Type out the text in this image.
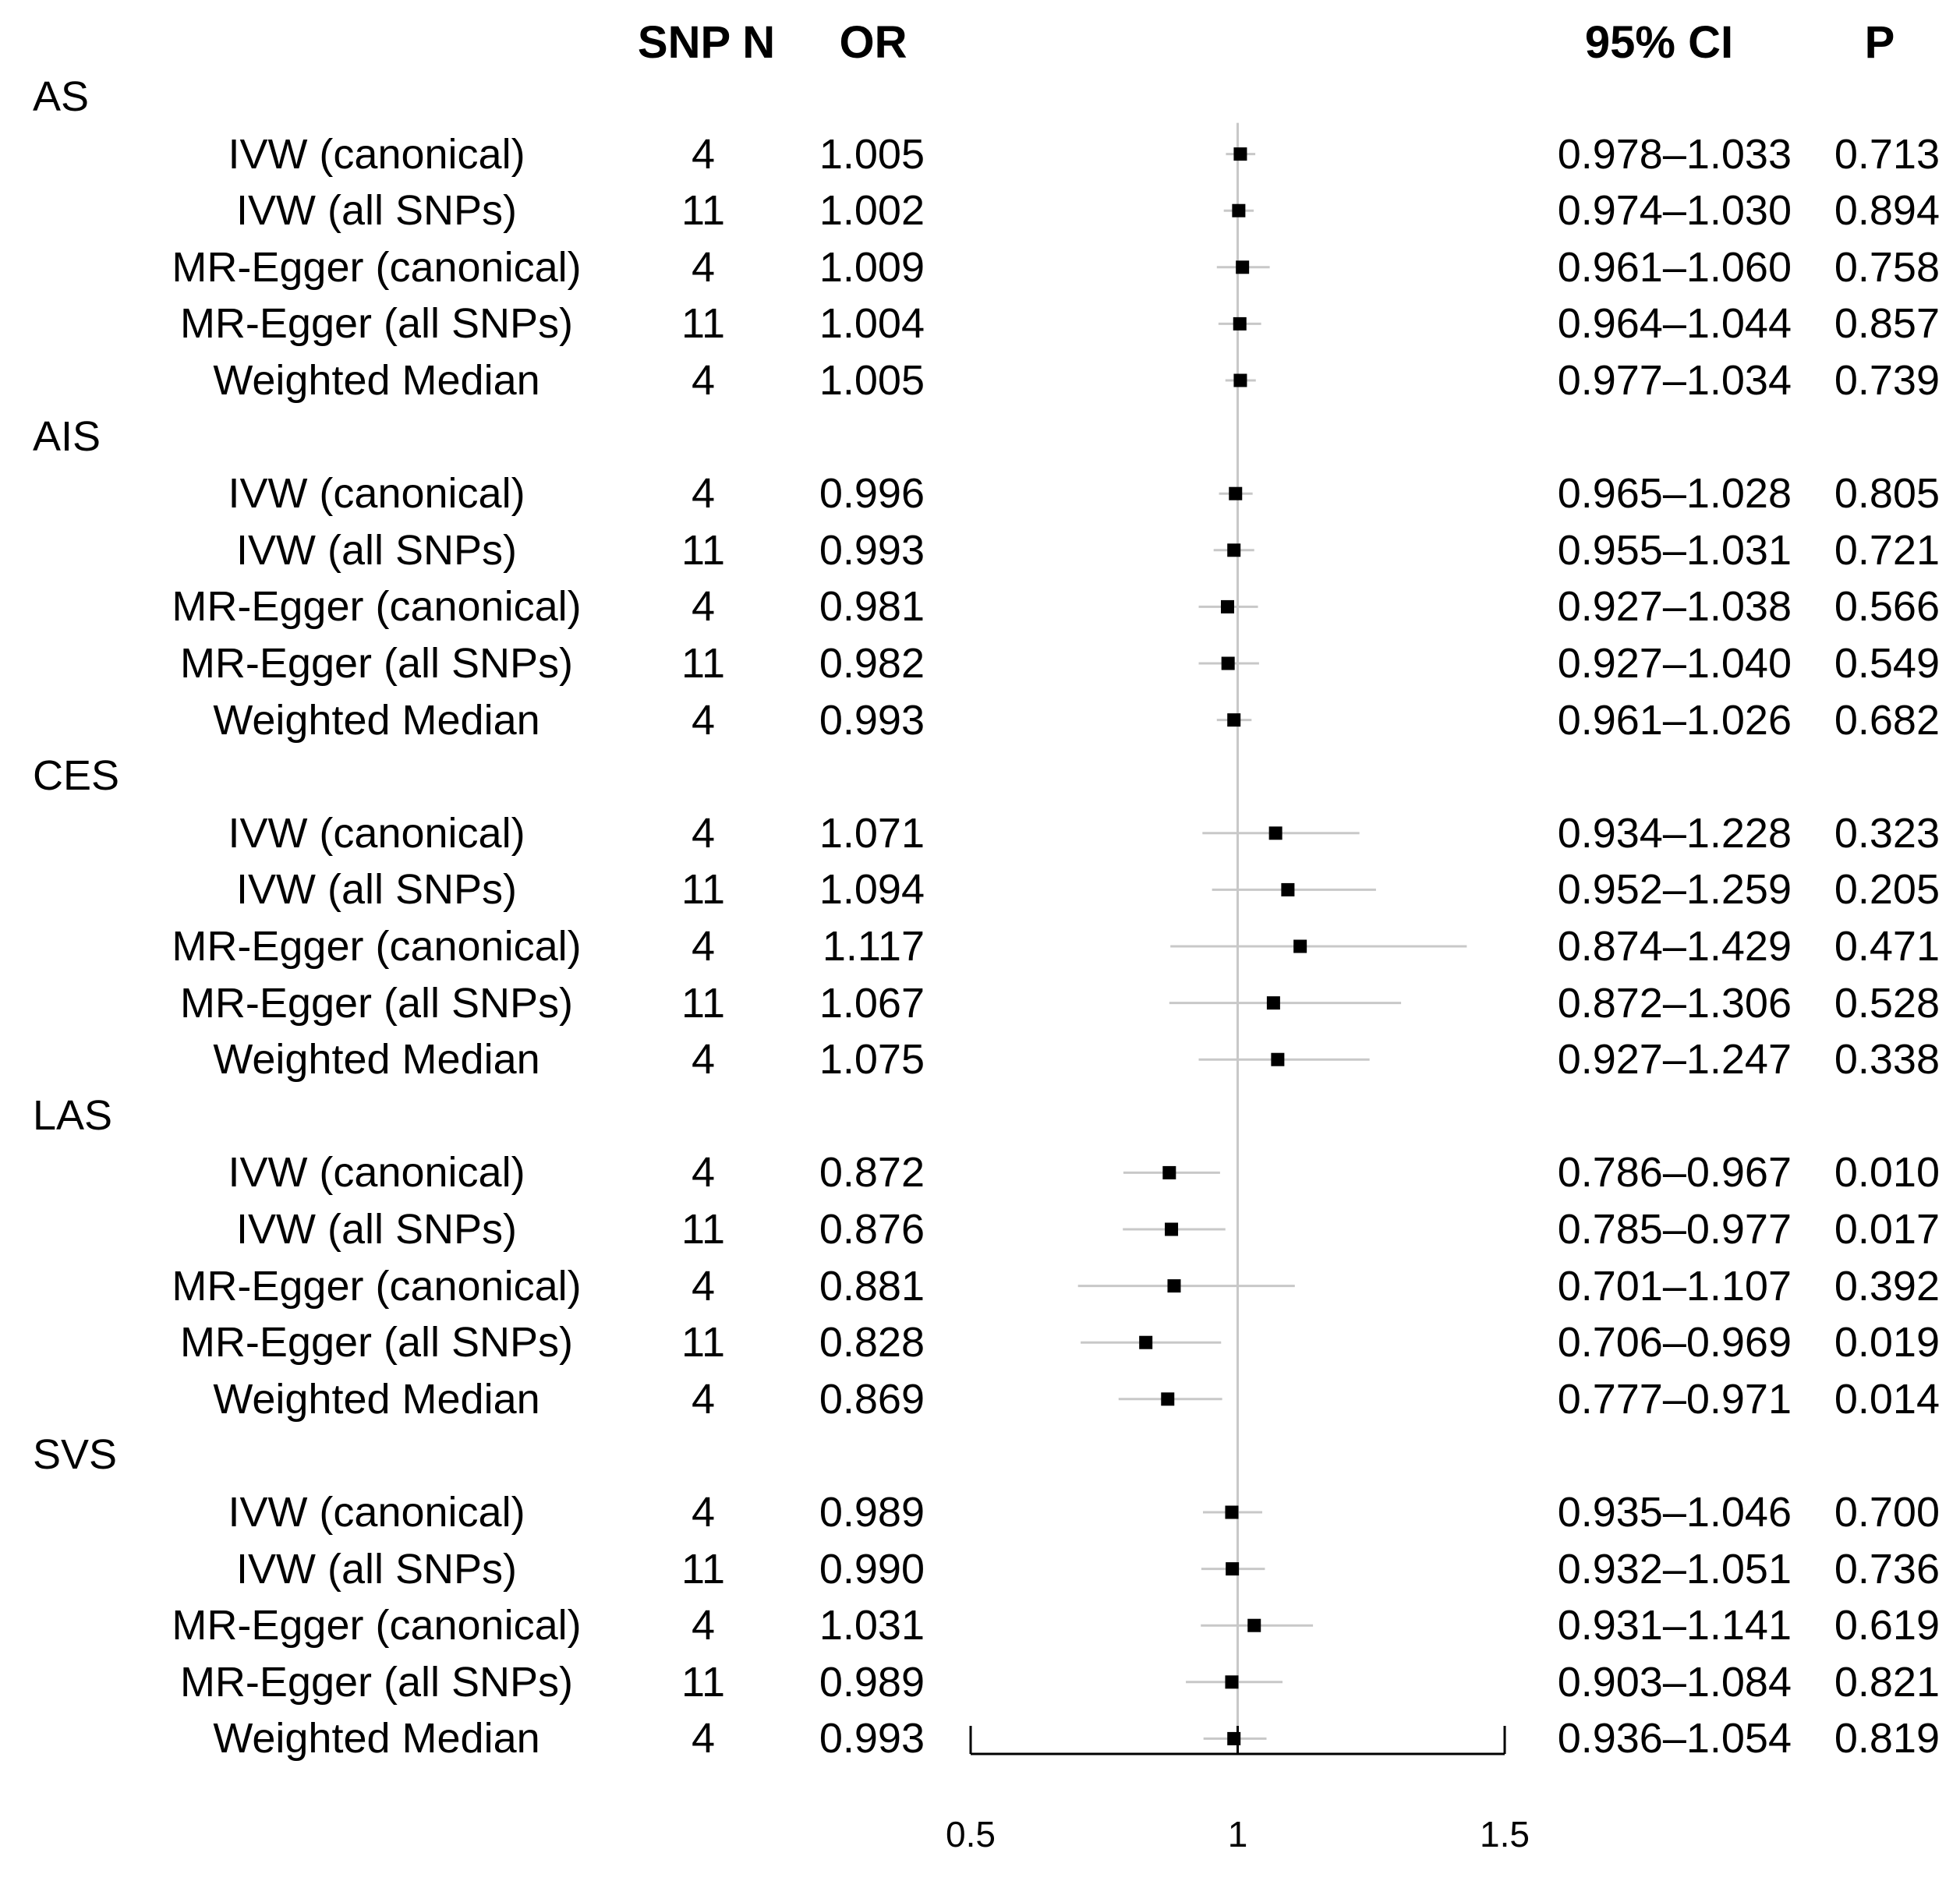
SNP N OR	95% CI	P
0.5	1	1.5
AS
IVW (canonical)	4 1.005	0.978–1.033 0.713
IVW (all SNPs)	11 1.002	0.974–1.030 0.894
MR-Egger (canonical)	4 1.009	0.961–1.060 0.758
MR-Egger (all SNPs)	11 1.004	0.964–1.044 0.857
Weighted Median	4 1.005	0.977–1.034 0.739
AIS
IVW (canonical)	4 0.996	0.965–1.028 0.805
IVW (all SNPs)	11 0.993	0.955–1.031 0.721
MR-Egger (canonical)	4 0.981	0.927–1.038 0.566
MR-Egger (all SNPs)	11 0.982	0.927–1.040 0.549
Weighted Median	4 0.993	0.961–1.026 0.682
CES
IVW (canonical)	4 1.071	0.934–1.228 0.323
IVW (all SNPs)	11 1.094	0.952–1.259 0.205
MR-Egger (canonical)	4	1.117	0.874–1.429 0.471
MR-Egger (all SNPs)	11 1.067	0.872–1.306 0.528
Weighted Median	4 1.075	0.927–1.247 0.338
LAS
IVW (canonical)	4 0.872	0.786–0.967 0.010
IVW (all SNPs)	11 0.876	0.785–0.977 0.017
MR-Egger (canonical)	4 0.881	0.701–1.107 0.392
MR-Egger (all SNPs)	11 0.828	0.706–0.969 0.019
Weighted Median	4 0.869	0.777–0.971 0.014
SVS
IVW (canonical)	4 0.989	0.935–1.046 0.700
IVW (all SNPs)	11 0.990	0.932–1.051 0.736
MR-Egger (canonical)	4 1.031	0.931–1.141 0.619
MR-Egger (all SNPs)	11 0.989	0.903–1.084 0.821
Weighted Median	4 0.993	0.936–1.054 0.819
